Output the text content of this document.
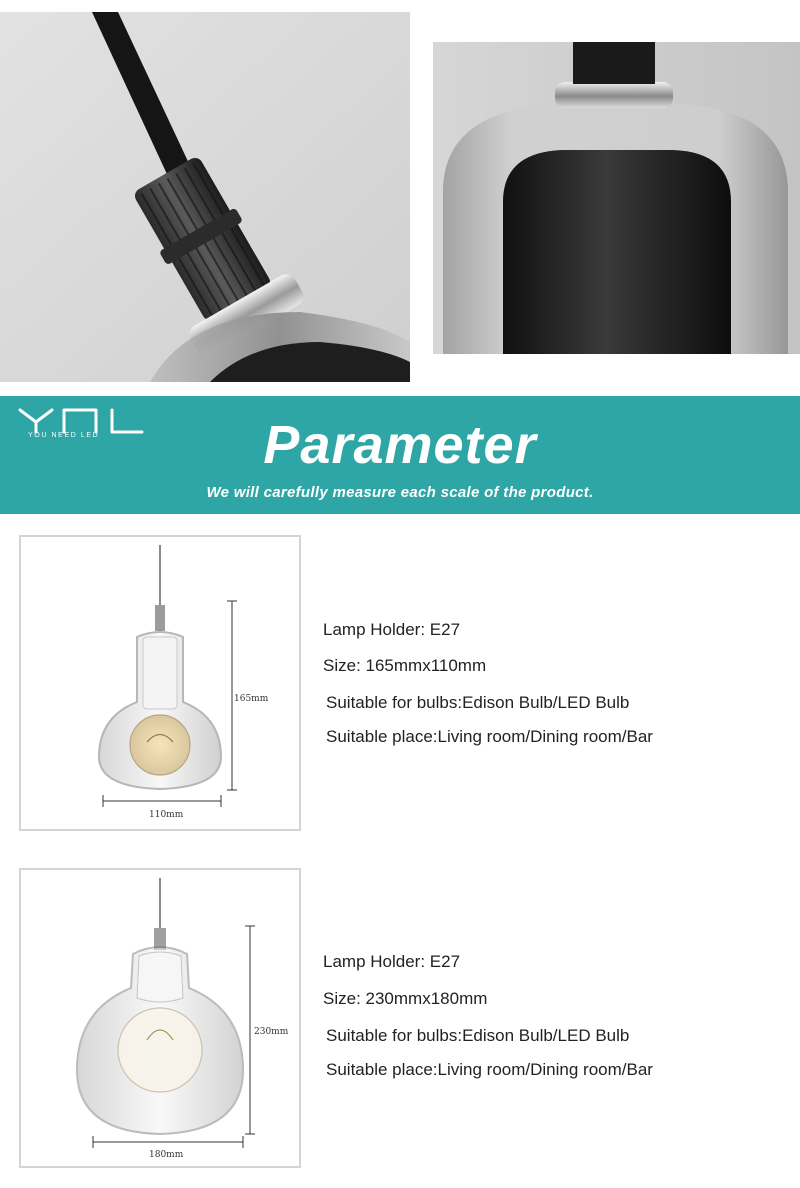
YOU NEED LED	Parameter
We will carefully measure each scale of the product.
165mm
110mm
Lamp Holder: E27
Size: 165mmx110mm
Suitable for bulbs:Edison Bulb/LED Bulb
Suitable place:Living room/Dining room/Bar
230mm
180mm
Lamp Holder: E27
Size: 230mmx180mm
Suitable for bulbs:Edison Bulb/LED Bulb
Suitable place:Living room/Dining room/Bar
